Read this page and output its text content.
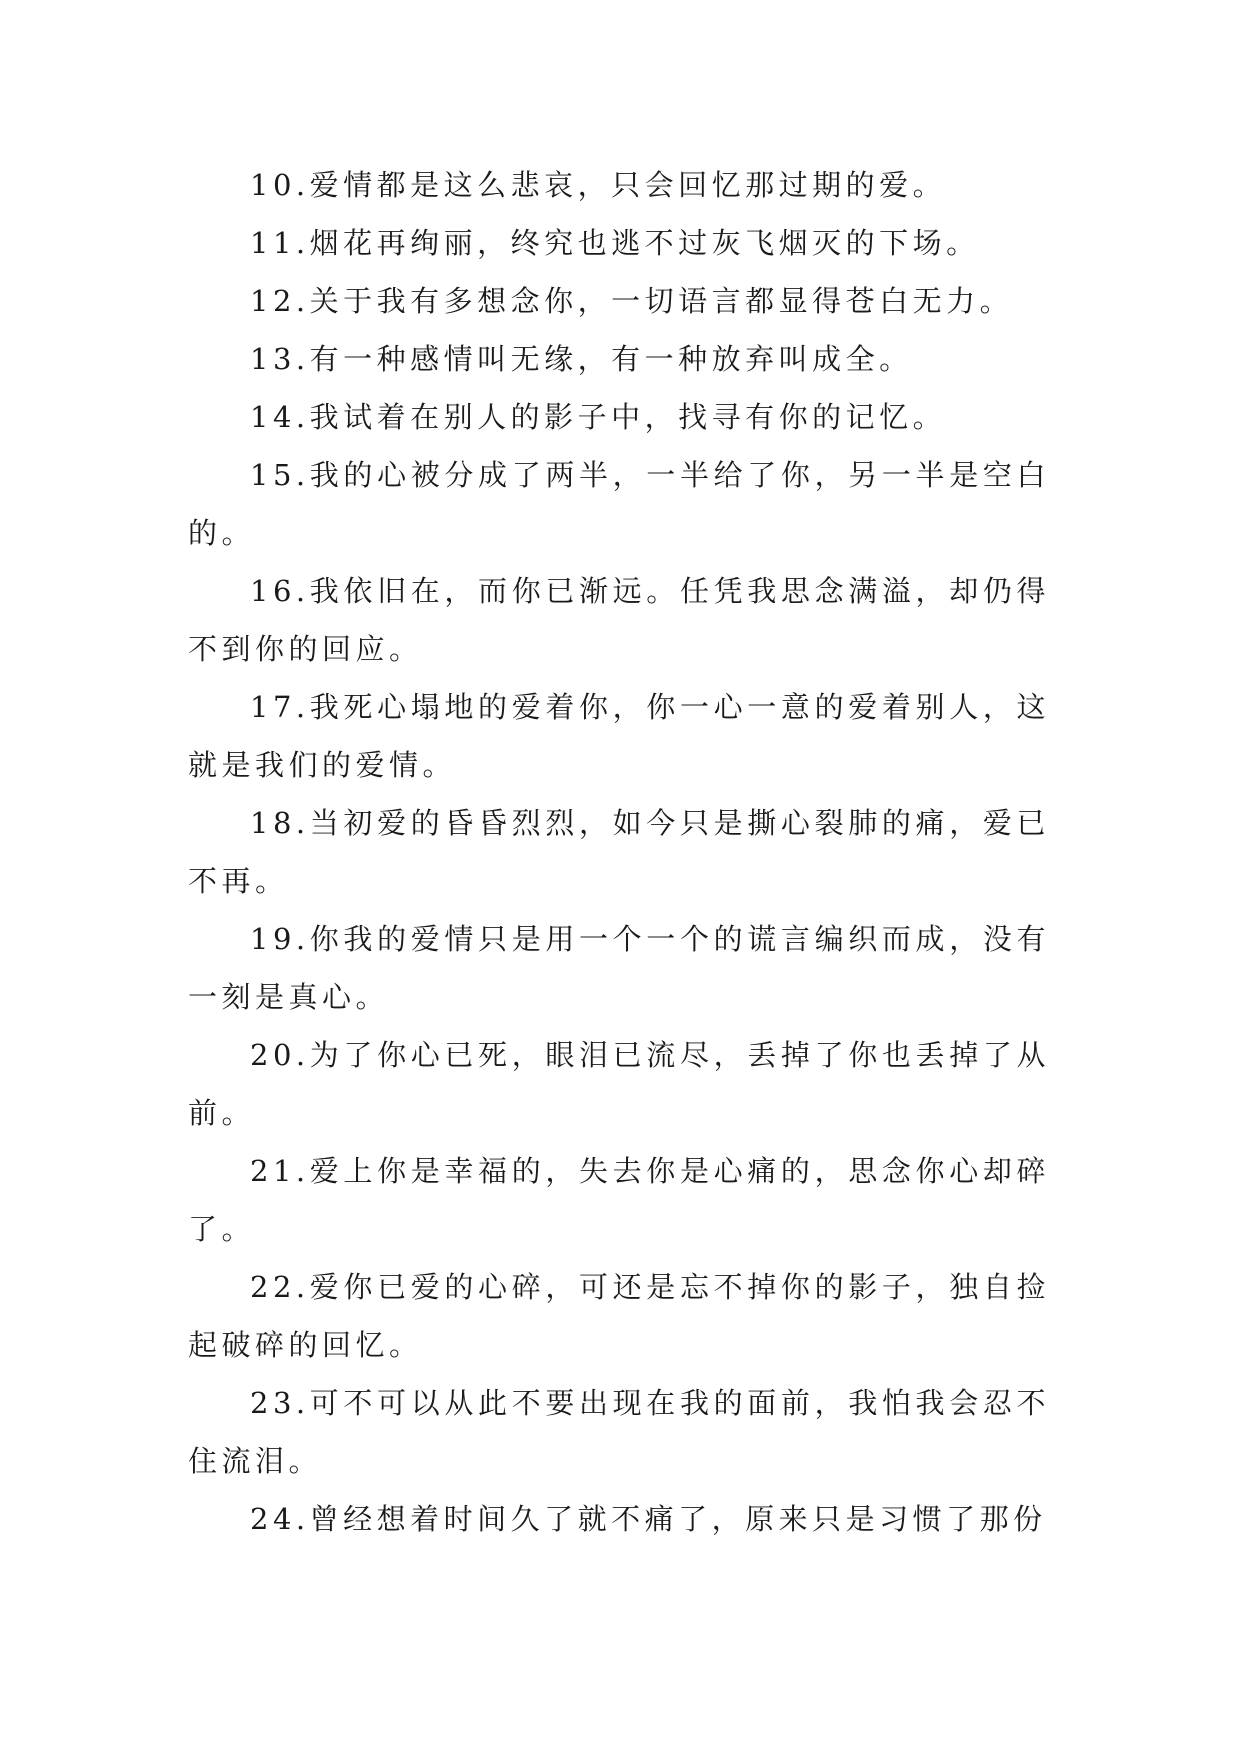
10.爱情都是这么悲哀，只会回忆那过期的爱。

11.烟花再绚丽，终究也逃不过灰飞烟灭的下场。

12.关于我有多想念你，一切语言都显得苍白无力。

13.有一种感情叫无缘，有一种放弃叫成全。

14.我试着在别人的影子中，找寻有你的记忆。

15.我的心被分成了两半，一半给了你，另一半是空白的。

16.我依旧在，而你已渐远。任凭我思念满溢，却仍得不到你的回应。

17.我死心塌地的爱着你，你一心一意的爱着别人，这就是我们的爱情。

18.当初爱的昏昏烈烈，如今只是撕心裂肺的痛，爱已不再。

19.你我的爱情只是用一个一个的谎言编织而成，没有一刻是真心。

20.为了你心已死，眼泪已流尽，丢掉了你也丢掉了从前。

21.爱上你是幸福的，失去你是心痛的，思念你心却碎了。

22.爱你已爱的心碎，可还是忘不掉你的影子，独自捡起破碎的回忆。

23.可不可以从此不要出现在我的面前，我怕我会忍不住流泪。

24.曾经想着时间久了就不痛了，原来只是习惯了那份
